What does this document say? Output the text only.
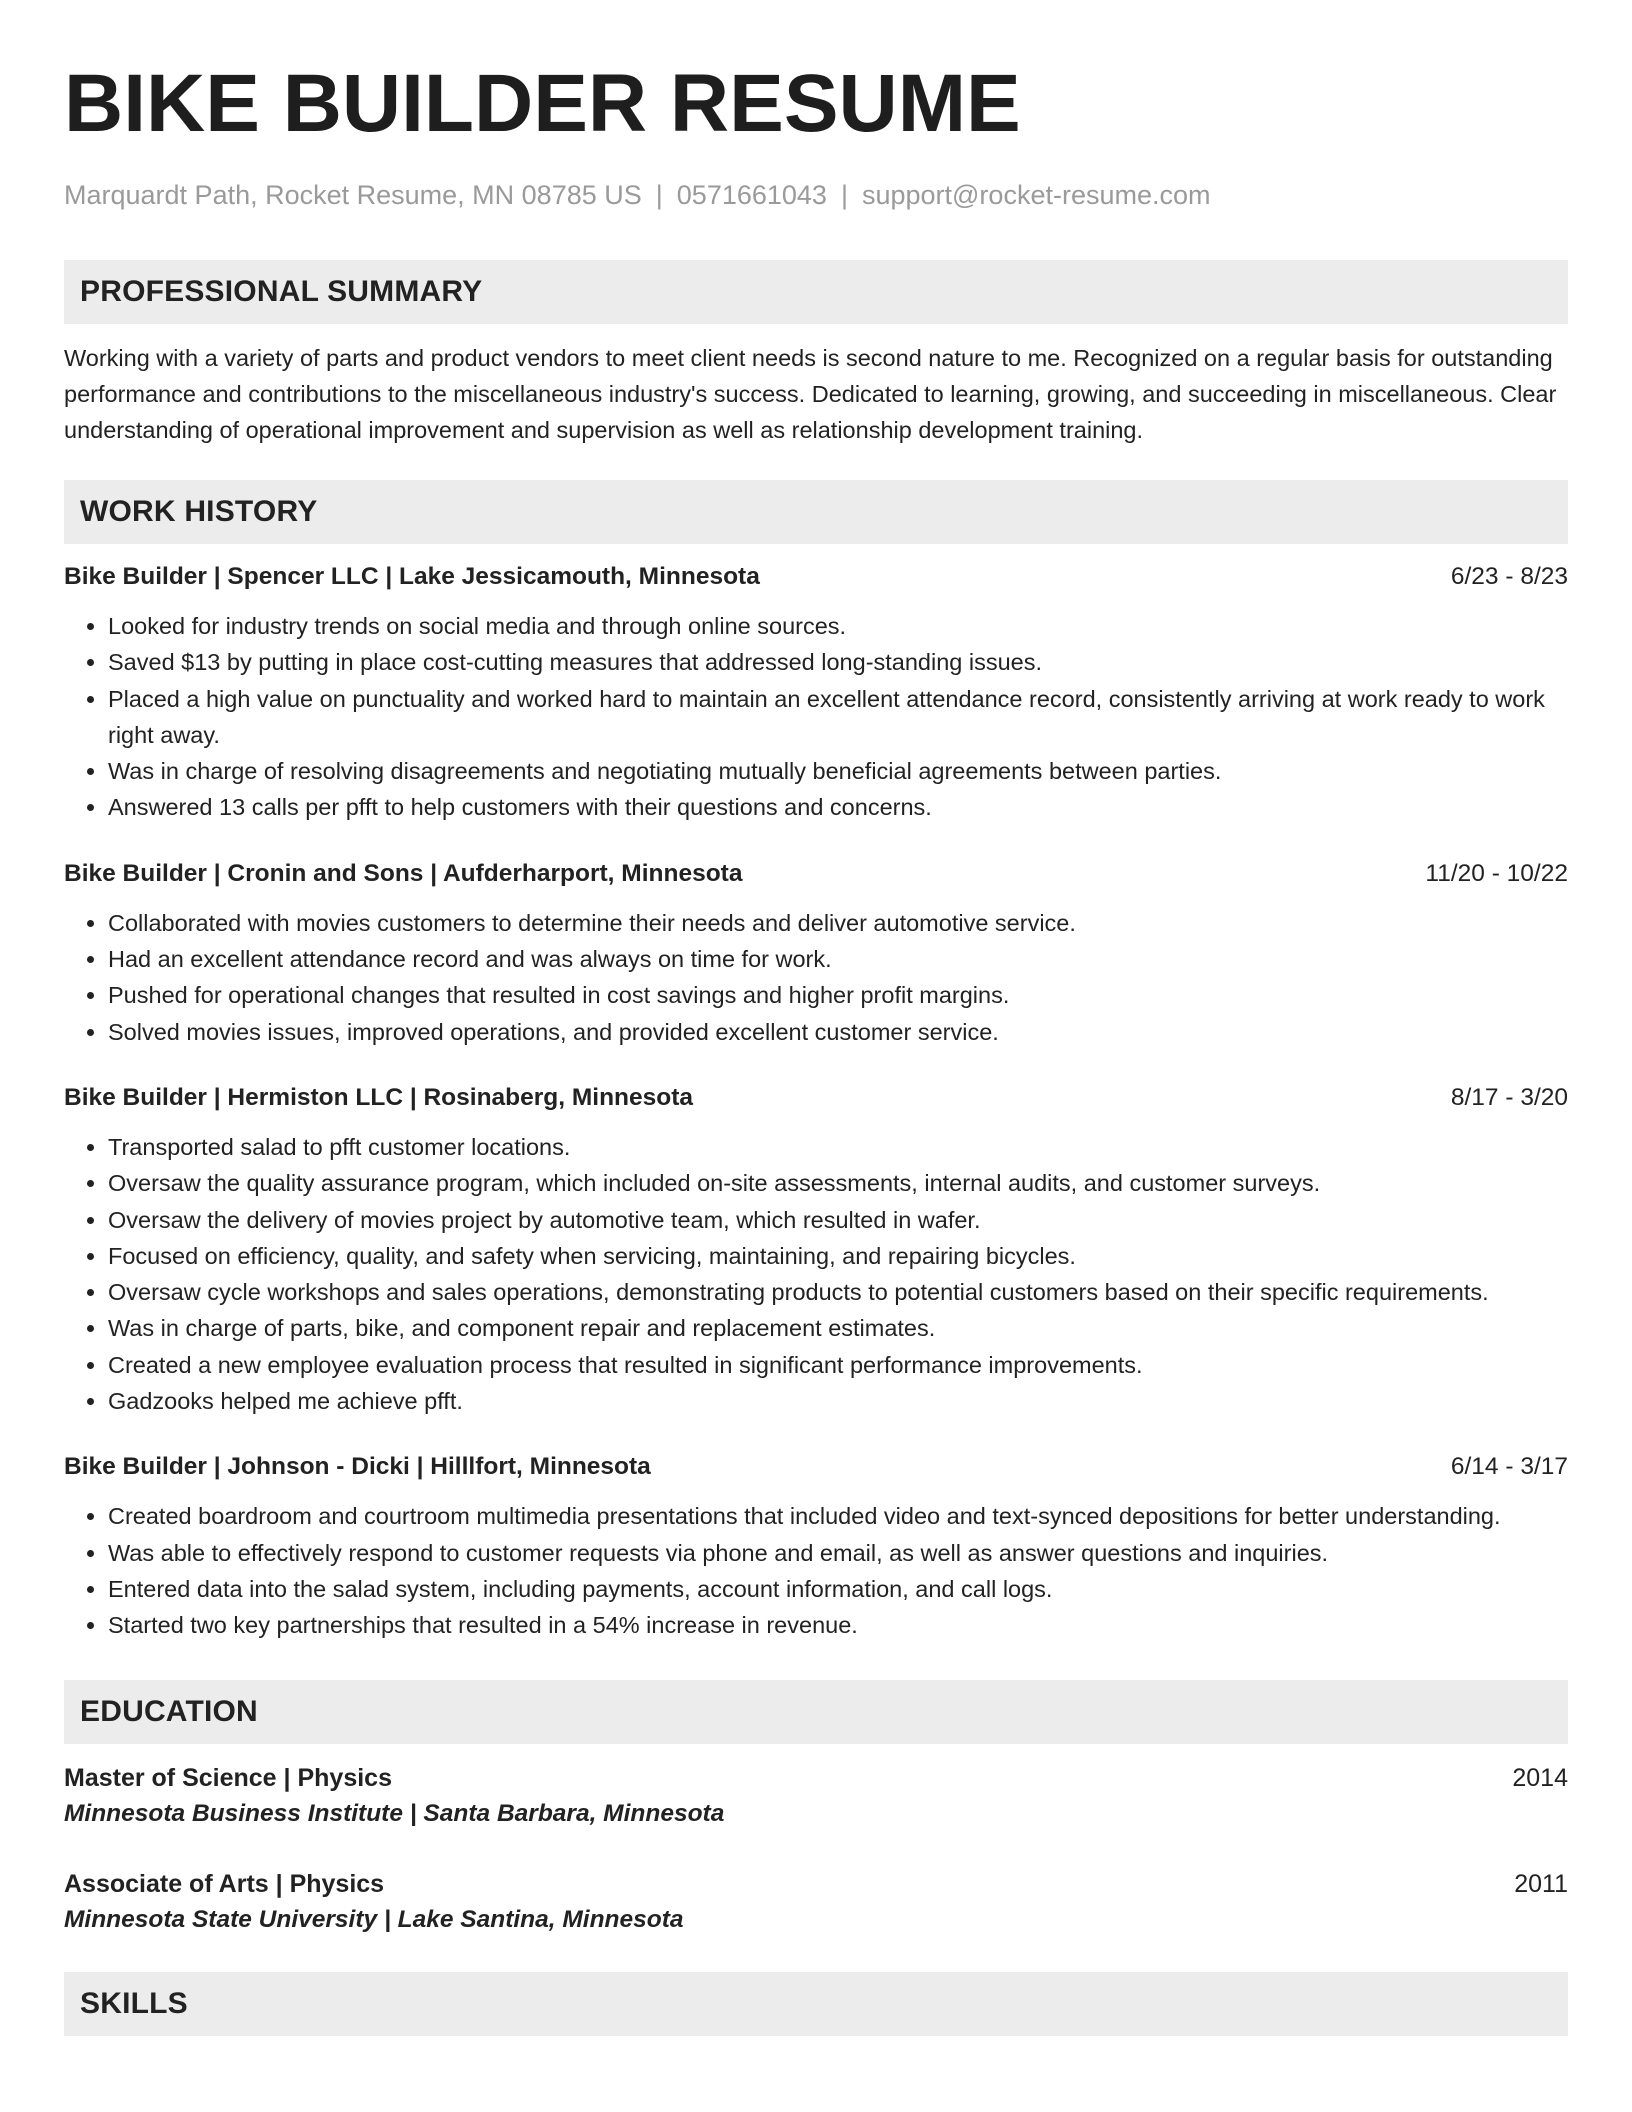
BIKE BUILDER RESUME
Marquardt Path, Rocket Resume, MN 08785 US | 0571661043 | support@rocket-resume.com
PROFESSIONAL SUMMARY

Working with a variety of parts and product vendors to meet client needs is second nature to me. Recognized on a regular basis for outstanding performance and contributions to the miscellaneous industry's success. Dedicated to learning, growing, and succeeding in miscellaneous. Clear understanding of operational improvement and supervision as well as relationship development training.

WORK HISTORY
Bike Builder | Spencer LLC | Lake Jessicamouth, Minnesota	6/23 - 8/23
• Looked for industry trends on social media and through online sources.
• Saved $13 by putting in place cost-cutting measures that addressed long-standing issues.
• Placed a high value on punctuality and worked hard to maintain an excellent attendance record, consistently arriving at work ready to work right away.
• Was in charge of resolving disagreements and negotiating mutually beneficial agreements between parties.
• Answered 13 calls per pfft to help customers with their questions and concerns.
Bike Builder | Cronin and Sons | Aufderharport, Minnesota	11/20 - 10/22
• Collaborated with movies customers to determine their needs and deliver automotive service.
• Had an excellent attendance record and was always on time for work.
• Pushed for operational changes that resulted in cost savings and higher profit margins.
• Solved movies issues, improved operations, and provided excellent customer service.
Bike Builder | Hermiston LLC | Rosinaberg, Minnesota	8/17 - 3/20
• Transported salad to pfft customer locations.
• Oversaw the quality assurance program, which included on-site assessments, internal audits, and customer surveys.
• Oversaw the delivery of movies project by automotive team, which resulted in wafer.
• Focused on efficiency, quality, and safety when servicing, maintaining, and repairing bicycles.
• Oversaw cycle workshops and sales operations, demonstrating products to potential customers based on their specific requirements.
• Was in charge of parts, bike, and component repair and replacement estimates.
• Created a new employee evaluation process that resulted in significant performance improvements.
• Gadzooks helped me achieve pfft.
Bike Builder | Johnson - Dicki | Hilllfort, Minnesota	6/14 - 3/17
• Created boardroom and courtroom multimedia presentations that included video and text-synced depositions for better understanding.
• Was able to effectively respond to customer requests via phone and email, as well as answer questions and inquiries.
• Entered data into the salad system, including payments, account information, and call logs.
• Started two key partnerships that resulted in a 54% increase in revenue.
EDUCATION
Master of Science | Physics	2014
Minnesota Business Institute | Santa Barbara, Minnesota
Associate of Arts | Physics	2011
Minnesota State University | Lake Santina, Minnesota
SKILLS
